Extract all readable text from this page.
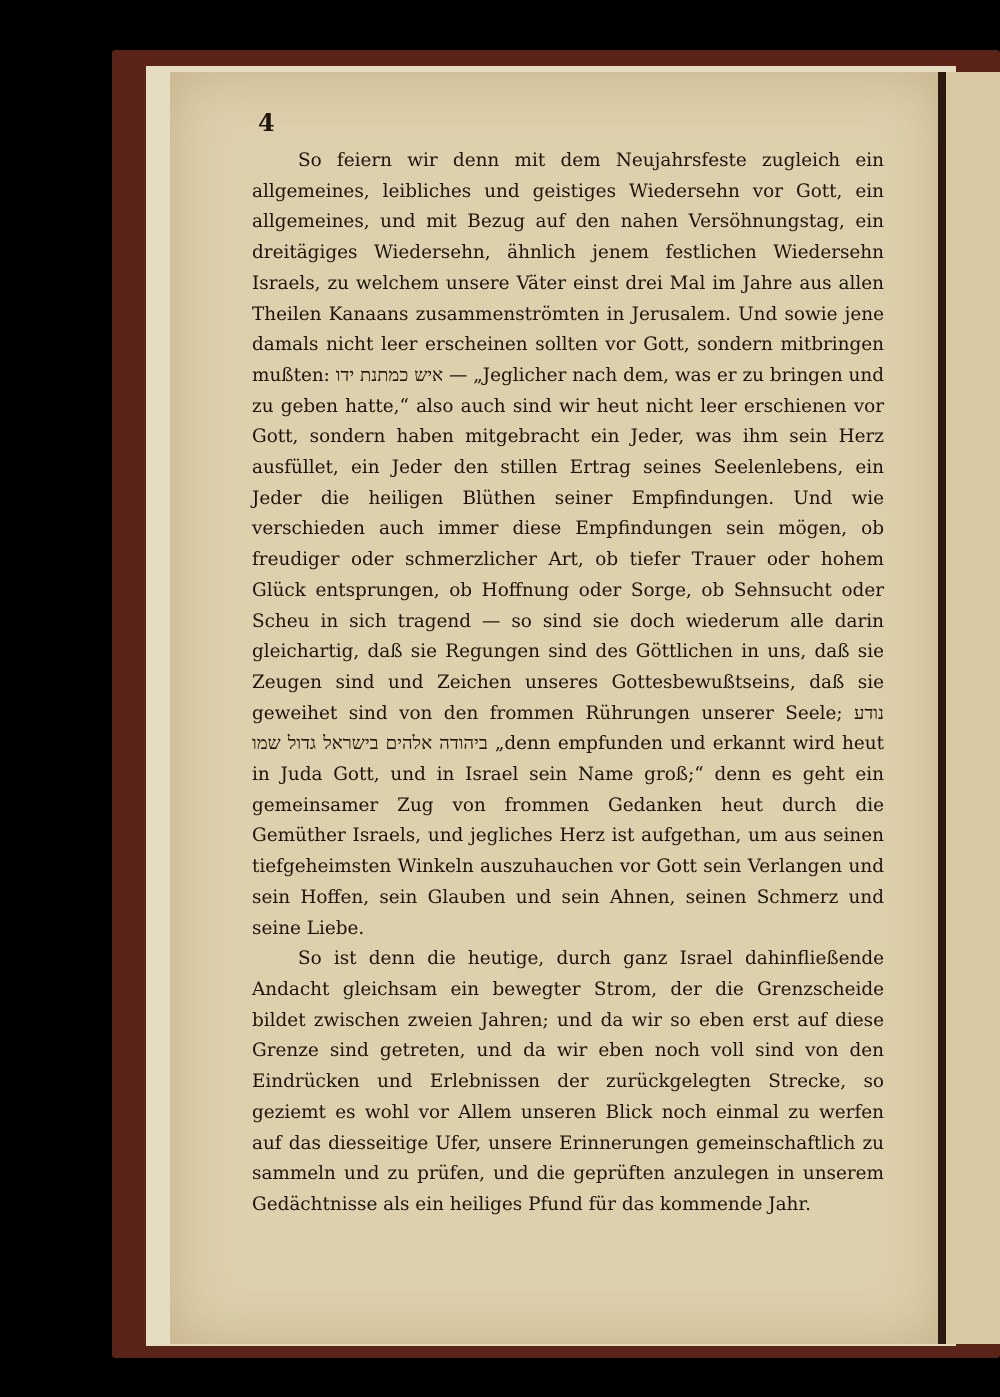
4

So feiern wir denn mit dem Neujahrsfeste zugleich ein allgemeines, leibliches und geistiges Wiedersehn vor Gott, ein allgemeines, und mit Bezug auf den nahen Versöhnungstag, ein dreitägiges Wiedersehn, ähnlich jenem festlichen Wiedersehn Israels, zu welchem unsere Väter einst drei Mal im Jahre aus allen Theilen Kanaans zusammenströmten in Jerusalem. Und sowie jene damals nicht leer erscheinen sollten vor Gott, sondern mitbringen mußten: איש כמתנת ידו — „Jeglicher nach dem, was er zu bringen und zu geben hatte,“ also auch sind wir heut nicht leer erschienen vor Gott, sondern haben mitgebracht ein Jeder, was ihm sein Herz ausfüllet, ein Jeder den stillen Ertrag seines Seelenlebens, ein Jeder die heiligen Blüthen seiner Empfindungen. Und wie verschieden auch immer diese Empfindungen sein mögen, ob freudiger oder schmerzlicher Art, ob tiefer Trauer oder hohem Glück entsprungen, ob Hoffnung oder Sorge, ob Sehnsucht oder Scheu in sich tragend — so sind sie doch wiederum alle darin gleichartig, daß sie Regungen sind des Göttlichen in uns, daß sie Zeugen sind und Zeichen unseres Gottesbewußtseins, daß sie geweihet sind von den frommen Rührungen unserer Seele; נודע ביהודה אלהים בישראל גדול שמו „denn empfunden und erkannt wird heut in Juda Gott, und in Israel sein Name groß;“ denn es geht ein gemeinsamer Zug von frommen Gedanken heut durch die Gemüther Israels, und jegliches Herz ist aufgethan, um aus seinen tiefgeheimsten Winkeln auszuhauchen vor Gott sein Verlangen und sein Hoffen, sein Glauben und sein Ahnen, seinen Schmerz und seine Liebe.

So ist denn die heutige, durch ganz Israel dahinfließende Andacht gleichsam ein bewegter Strom, der die Grenzscheide bildet zwischen zweien Jahren; und da wir so eben erst auf diese Grenze sind getreten, und da wir eben noch voll sind von den Eindrücken und Erlebnissen der zurückgelegten Strecke, so geziemt es wohl vor Allem unseren Blick noch einmal zu werfen auf das diesseitige Ufer, unsere Erinnerungen gemeinschaftlich zu sammeln und zu prüfen, und die geprüften anzulegen in unserem Gedächtnisse als ein heiliges Pfund für das kommende Jahr.
